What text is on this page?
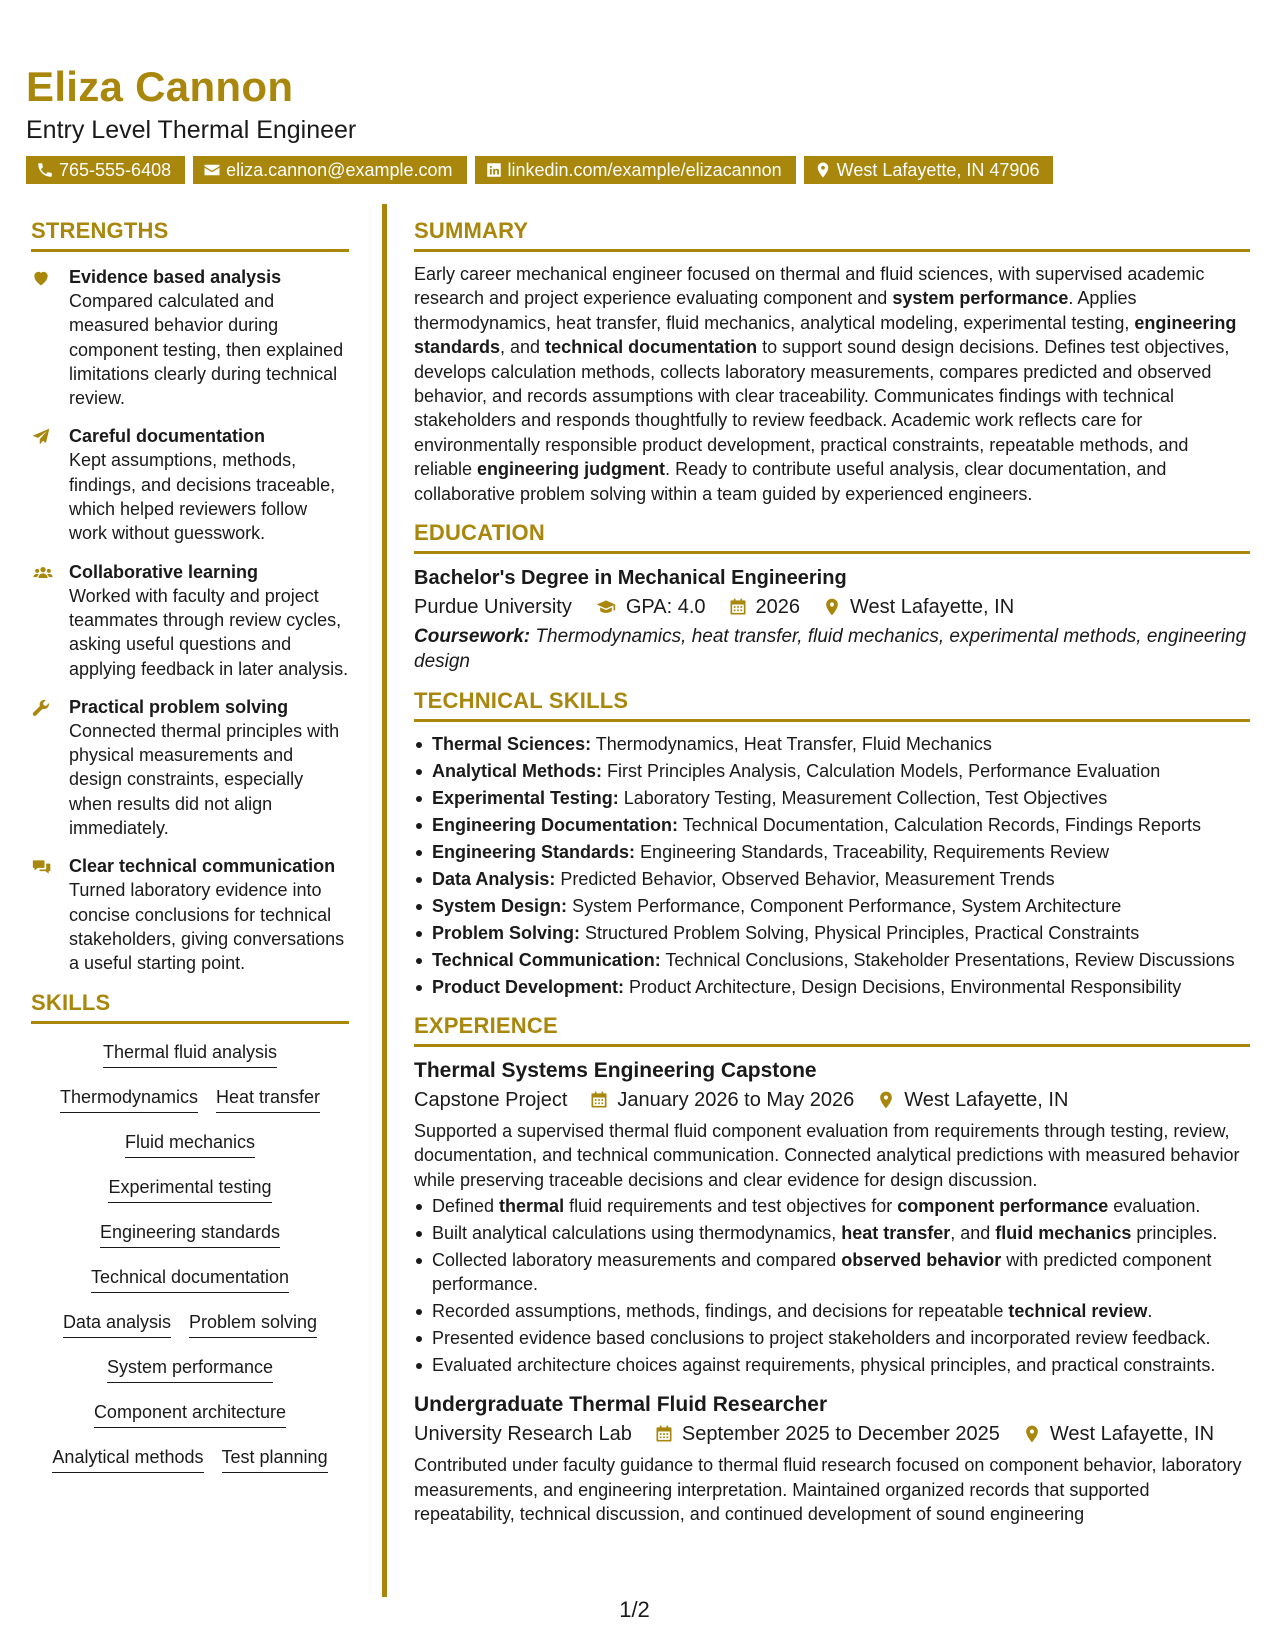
Eliza Cannon
Entry Level Thermal Engineer
765-555-6408	eliza.cannon@example.com	linkedin.com/example/elizacannon	West Lafayette, IN 47906
STRENGTHS
Evidence based analysis
Compared calculated and measured behavior during component testing, then explained limitations clearly during technical review.
Careful documentation
Kept assumptions, methods, findings, and decisions traceable, which helped reviewers follow work without guesswork.
Collaborative learning
Worked with faculty and project teammates through review cycles, asking useful questions and applying feedback in later analysis.
Practical problem solving
Connected thermal principles with physical measurements and design constraints, especially when results did not align immediately.
Clear technical communication
Turned laboratory evidence into concise conclusions for technical stakeholders, giving conversations a useful starting point.
SKILLS
Thermal fluid analysis
Thermodynamics Heat transfer
Fluid mechanics
Experimental testing
Engineering standards
Technical documentation
Data analysis Problem solving
System performance
Component architecture
Analytical methods Test planning
SUMMARY
Early career mechanical engineer focused on thermal and fluid sciences, with supervised academic research and project experience evaluating component and system performance. Applies thermodynamics, heat transfer, fluid mechanics, analytical modeling, experimental testing, engineering standards, and technical documentation to support sound design decisions. Defines test objectives, develops calculation methods, collects laboratory measurements, compares predicted and observed behavior, and records assumptions with clear traceability. Communicates findings with technical stakeholders and responds thoughtfully to review feedback. Academic work reflects care for environmentally responsible product development, practical constraints, repeatable methods, and reliable engineering judgment. Ready to contribute useful analysis, clear documentation, and collaborative problem solving within a team guided by experienced engineers.
EDUCATION
Bachelor's Degree in Mechanical Engineering
Purdue University	GPA: 4.0	2026	West Lafayette, IN
Coursework: Thermodynamics, heat transfer, fluid mechanics, experimental methods, engineering design
TECHNICAL SKILLS
Thermal Sciences: Thermodynamics, Heat Transfer, Fluid Mechanics
Analytical Methods: First Principles Analysis, Calculation Models, Performance Evaluation
Experimental Testing: Laboratory Testing, Measurement Collection, Test Objectives
Engineering Documentation: Technical Documentation, Calculation Records, Findings Reports
Engineering Standards: Engineering Standards, Traceability, Requirements Review
Data Analysis: Predicted Behavior, Observed Behavior, Measurement Trends
System Design: System Performance, Component Performance, System Architecture
Problem Solving: Structured Problem Solving, Physical Principles, Practical Constraints
Technical Communication: Technical Conclusions, Stakeholder Presentations, Review Discussions
Product Development: Product Architecture, Design Decisions, Environmental Responsibility
EXPERIENCE
Thermal Systems Engineering Capstone
Capstone Project	January 2026 to May 2026	West Lafayette, IN
Supported a supervised thermal fluid component evaluation from requirements through testing, review, documentation, and technical communication. Connected analytical predictions with measured behavior while preserving traceable decisions and clear evidence for design discussion.
Defined thermal fluid requirements and test objectives for component performance evaluation.
Built analytical calculations using thermodynamics, heat transfer, and fluid mechanics principles.
Collected laboratory measurements and compared observed behavior with predicted component performance.
Recorded assumptions, methods, findings, and decisions for repeatable technical review.
Presented evidence based conclusions to project stakeholders and incorporated review feedback.
Evaluated architecture choices against requirements, physical principles, and practical constraints.
Undergraduate Thermal Fluid Researcher
University Research Lab	September 2025 to December 2025	West Lafayette, IN
Contributed under faculty guidance to thermal fluid research focused on component behavior, laboratory measurements, and engineering interpretation. Maintained organized records that supported repeatability, technical discussion, and continued development of sound engineering
1/2
